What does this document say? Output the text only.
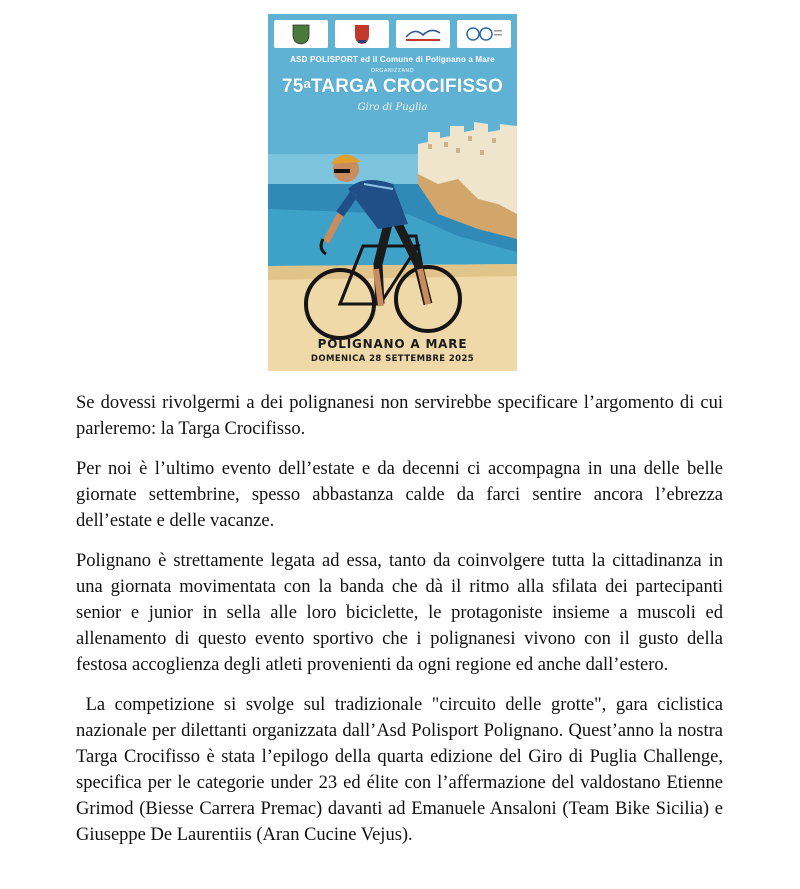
ASD POLISPORT ed il Comune di Polignano a Mare
ORGANIZZANO
75$^a$TARGA CROCIFISSO
Giro di Puglia
POLIGNANO A MARE
DOMENICA 28 SETTEMBRE 2025

Se dovessi rivolgermi a dei polignanesi non servirebbe specificare l’argomento di cui parleremo: la Targa Crocifisso.

Per noi è l’ultimo evento dell’estate e da decenni ci accompagna in una delle belle giornate settembrine, spesso abbastanza calde da farci sentire ancora l’ebrezza dell’estate e delle vacanze.

Polignano è strettamente legata ad essa, tanto da coinvolgere tutta la cittadinanza in una giornata movimentata con la banda che dà il ritmo alla sfilata dei partecipanti senior e junior in sella alle loro biciclette, le protagoniste insieme a muscoli ed allenamento di questo evento sportivo che i polignanesi vivono con il gusto della festosa accoglienza degli atleti provenienti da ogni regione ed anche dall’estero.

La competizione si svolge sul tradizionale "circuito delle grotte", gara ciclistica nazionale per dilettanti organizzata dall’Asd Polisport Polignano. Quest’anno la nostra Targa Crocifisso è stata l’epilogo della quarta edizione del Giro di Puglia Challenge, specifica per le categorie under 23 ed élite con l’affermazione del valdostano Etienne Grimod (Biesse Carrera Premac) davanti ad Emanuele Ansaloni (Team Bike Sicilia) e Giuseppe De Laurentiis (Aran Cucine Vejus).
